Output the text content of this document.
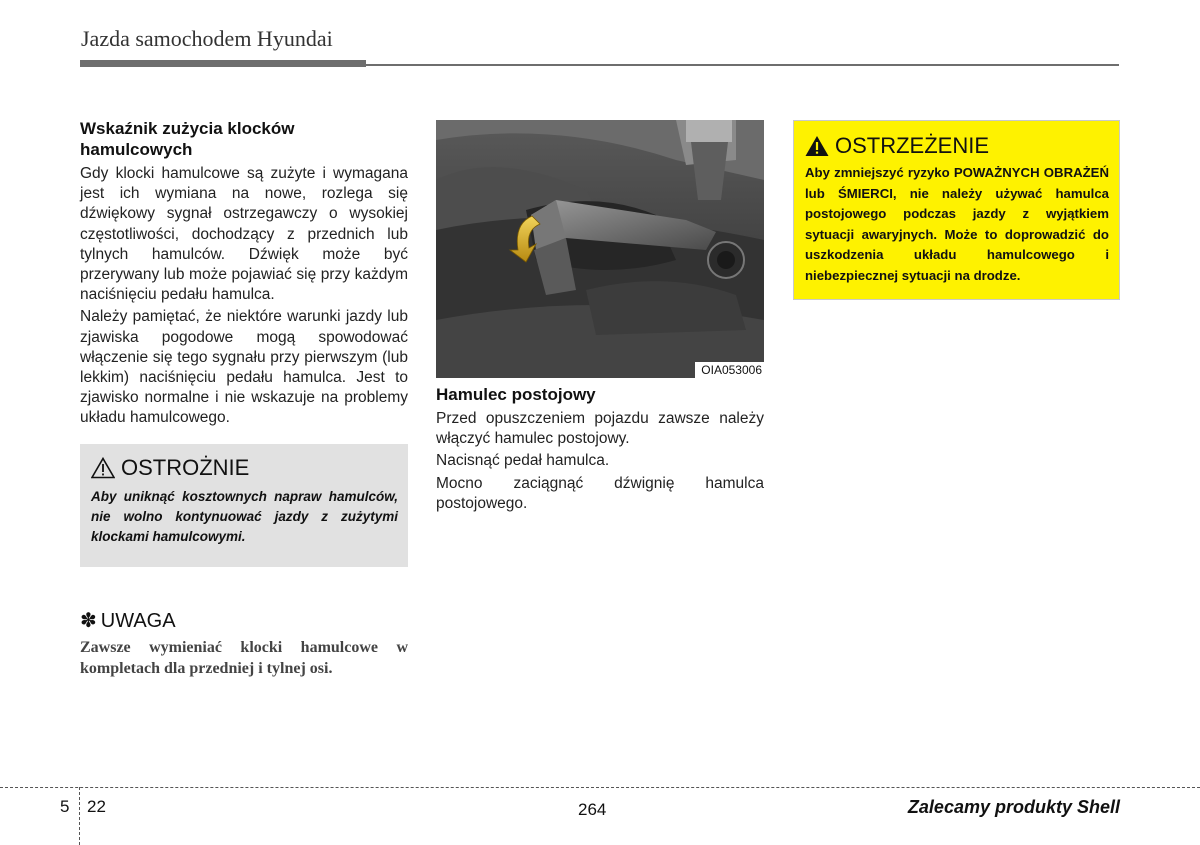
Jazda samochodem Hyundai
Wskaźnik zużycia klocków hamulcowych

Gdy klocki hamulcowe są zużyte i wymagana jest ich wymiana na nowe, rozlega się dźwiękowy sygnał ostrzegawczy o wysokiej częstotliwości, dochodzący z przednich lub tylnych hamulców. Dźwięk może być przerywany lub może pojawiać się przy każdym naciśnięciu pedału hamulca.

Należy pamiętać, że niektóre warunki jazdy lub zjawiska pogodowe mogą spowodować włączenie się tego sygnału przy pierwszym (lub lekkim) naciśnięciu pedału hamulca. Jest to zjawisko normalne i nie wskazuje na problemy układu hamulcowego.

OSTROŻNIE

Aby uniknąć kosztownych napraw hamulców, nie wolno kontynuować jazdy z zużytymi klockami hamulcowymi.

✽ UWAGA

Zawsze wymieniać klocki hamulcowe w kompletach dla przedniej i tylnej osi.

OIA053006
Hamulec postojowy

Przed opuszczeniem pojazdu zawsze należy włączyć hamulec postojowy.

Nacisnąć pedał hamulca.

Mocno zaciągnąć dźwignię hamulca postojowego.

OSTRZEŻENIE

Aby zmniejszyć ryzyko POWAŻNYCH OBRAŻEŃ lub ŚMIERCI, nie należy używać hamulca postojowego podczas jazdy z wyjątkiem sytuacji awaryjnych. Może to doprowadzić do uszkodzenia układu hamulcowego i niebezpiecznej sytuacji na drodze.

5 22	264	Zalecamy produkty Shell
